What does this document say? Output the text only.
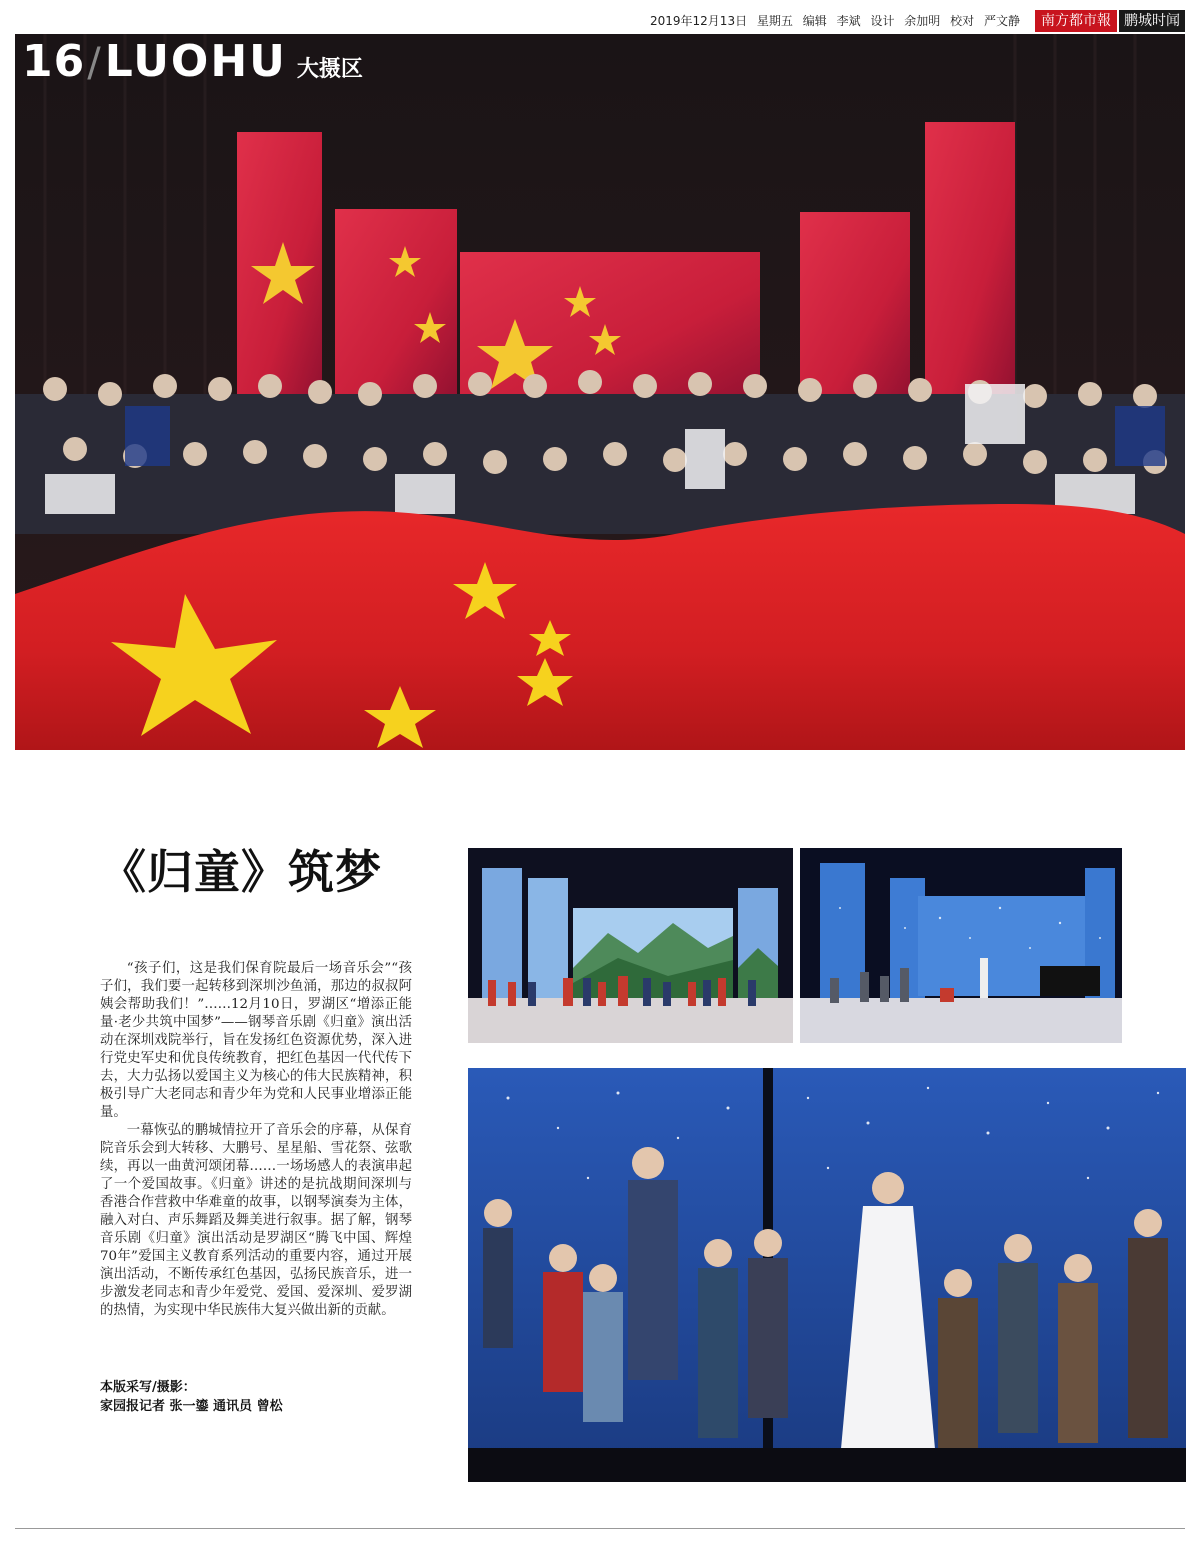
2019年12月13日 星期五 编辑 李斌 设计 余加明 校对 严文静	南方都市報 鹏城时闻
16 / LUOHU 大摄区
《归童》筑梦

“孩子们，这是我们保育院最后一场音乐会”“孩子们，我们要一起转移到深圳沙鱼涌，那边的叔叔阿姨会帮助我们！”……12月10日，罗湖区“增添正能量·老少共筑中国梦”——钢琴音乐剧《归童》演出活动在深圳戏院举行，旨在发扬红色资源优势，深入进行党史军史和优良传统教育，把红色基因一代代传下去，大力弘扬以爱国主义为核心的伟大民族精神，积极引导广大老同志和青少年为党和人民事业增添正能量。

一幕恢弘的鹏城情拉开了音乐会的序幕，从保育院音乐会到大转移、大鹏号、星星船、雪花祭、弦歌续，再以一曲黄河颂闭幕……一场场感人的表演串起了一个爱国故事。《归童》讲述的是抗战期间深圳与香港合作营救中华难童的故事，以钢琴演奏为主体，融入对白、声乐舞蹈及舞美进行叙事。据了解，钢琴音乐剧《归童》演出活动是罗湖区“腾飞中国、辉煌70年”爱国主义教育系列活动的重要内容，通过开展演出活动，不断传承红色基因，弘扬民族音乐，进一步激发老同志和青少年爱党、爱国、爱深圳、爱罗湖的热情，为实现中华民族伟大复兴做出新的贡献。

本版采写/摄影：
家园报记者 张一鎏 通讯员 曾松
